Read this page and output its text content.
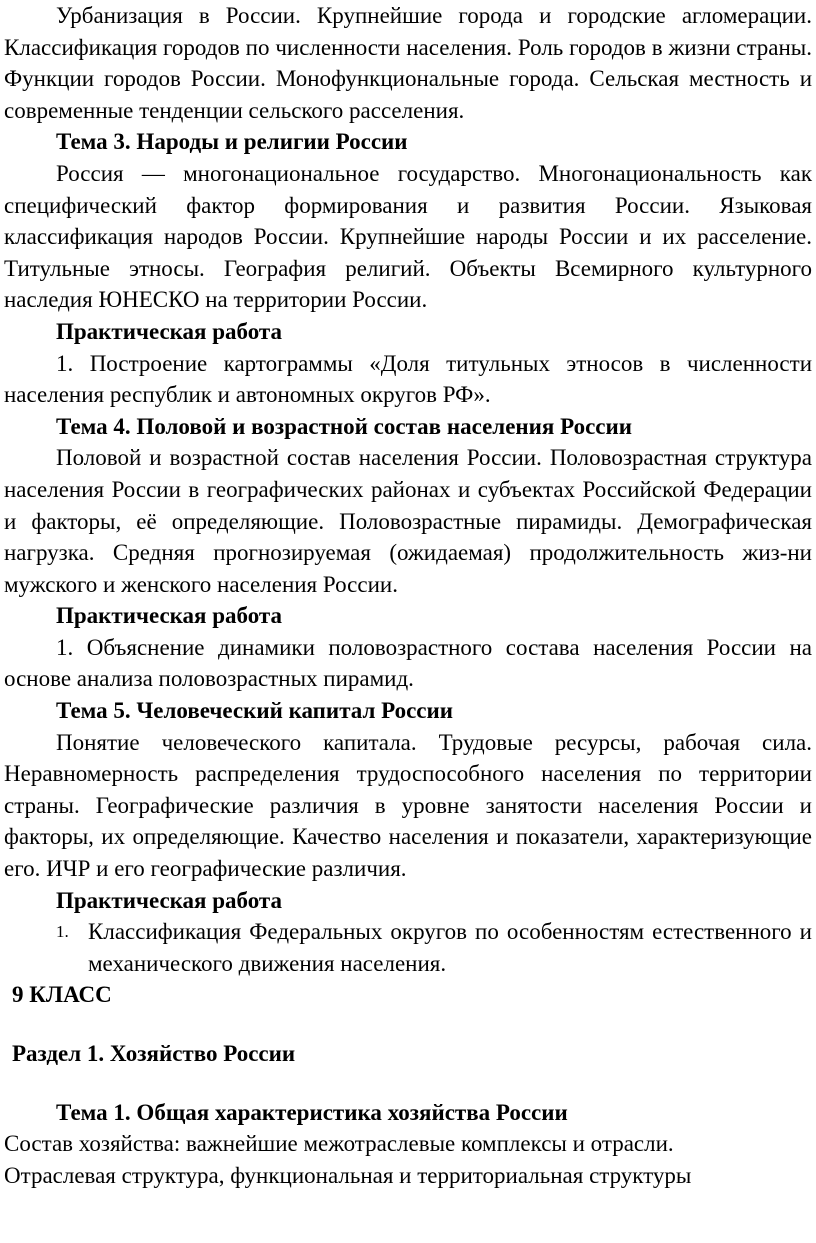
Урбанизация в России. Крупнейшие города и городские агломерации. Классификация городов по численности населения. Роль городов в жизни страны. Функции городов России. Монофункциональные города. Сельская местность и современные тенденции сельского расселения.

Тема 3. Народы и религии России

Россия — многонациональное государство. Многонациональность как специфический фактор формирования и развития России. Языковая классификация народов России. Крупнейшие народы России и их расселение. Титульные этносы. География религий. Объекты Всемирного культурного наследия ЮНЕСКО на территории России.

Практическая работа

1. Построение картограммы «Доля титульных этносов в численности населения республик и автономных округов РФ».

Тема 4. Половой и возрастной состав населения России

Половой и возрастной состав населения России. Половозрастная структура населения России в географических районах и субъектах Российской Федерации и факторы, её определяющие. Половозрастные пирамиды. Демографическая нагрузка. Средняя прогнозируемая (ожидаемая) продолжительность жиз-ни мужского и женского населения России.

Практическая работа

1. Объяснение динамики половозрастного состава населения России на основе анализа половозрастных пирамид.

Тема 5. Человеческий капитал России

Понятие человеческого капитала. Трудовые ресурсы, рабочая сила. Неравномерность распределения трудоспособного населения по территории страны. Географические различия в уровне занятости населения России и факторы, их определяющие. Качество населения и показатели, характеризующие его. ИЧР и его географические различия.

Практическая работа

1. Классификация Федеральных округов по особенностям естественного и механического движения населения.

9 КЛАСС

Раздел 1. Хозяйство России

Тема 1. Общая характеристика хозяйства России

Состав хозяйства: важнейшие межотраслевые комплексы и отрасли.

Отраслевая структура, функциональная и территориальная структуры
